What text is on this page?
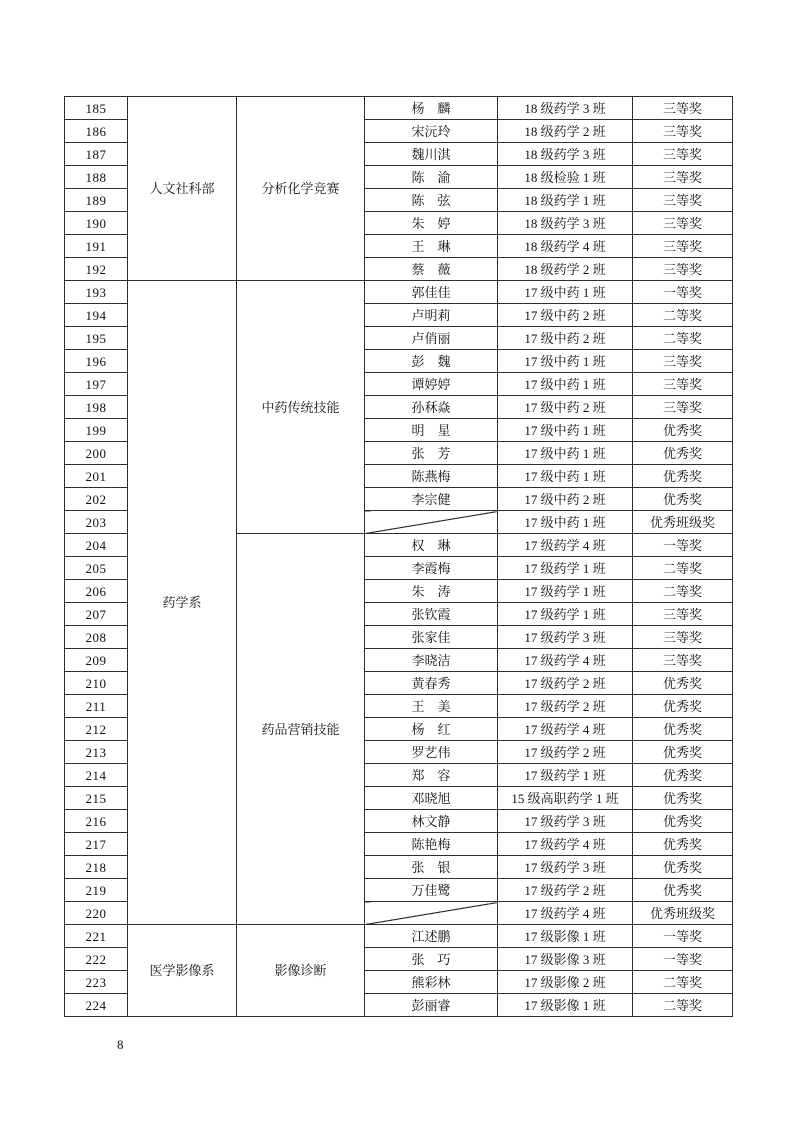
185	人文社科部	分析化学竞赛	杨　麟	18 级药学 3 班	三等奖
186			宋沅玲	18 级药学 2 班	三等奖
187			魏川淇	18 级药学 3 班	三等奖
188			陈　渝	18 级检验 1 班	三等奖
189			陈　弦	18 级药学 1 班	三等奖
190			朱　婷	18 级药学 3 班	三等奖
191			王　琳	18 级药学 4 班	三等奖
192			蔡　薇	18 级药学 2 班	三等奖
193	药学系	中药传统技能	郭佳佳	17 级中药 1 班	一等奖
194			卢明莉	17 级中药 2 班	二等奖
195			卢俏丽	17 级中药 2 班	二等奖
196			彭　魏	17 级中药 1 班	三等奖
197			谭婷婷	17 级中药 1 班	三等奖
198			孙秝焱	17 级中药 2 班	三等奖
199			明　星	17 级中药 1 班	优秀奖
200			张　芳	17 级中药 1 班	优秀奖
201			陈燕梅	17 级中药 1 班	优秀奖
202			李宗健	17 级中药 2 班	优秀奖
203				17 级中药 1 班	优秀班级奖
204		药品营销技能	权　琳	17 级药学 4 班	一等奖
205			李霞梅	17 级药学 1 班	二等奖
206			朱　涛	17 级药学 1 班	二等奖
207			张钦霞	17 级药学 1 班	三等奖
208			张家佳	17 级药学 3 班	三等奖
209			李晓洁	17 级药学 4 班	三等奖
210			黄春秀	17 级药学 2 班	优秀奖
211			王　美	17 级药学 2 班	优秀奖
212			杨　红	17 级药学 4 班	优秀奖
213			罗艺伟	17 级药学 2 班	优秀奖
214			郑　容	17 级药学 1 班	优秀奖
215			邓晓旭	15 级高职药学 1 班	优秀奖
216			林文静	17 级药学 3 班	优秀奖
217			陈艳梅	17 级药学 4 班	优秀奖
218			张　银	17 级药学 3 班	优秀奖
219			万佳鹭	17 级药学 2 班	优秀奖
220				17 级药学 4 班	优秀班级奖
221	医学影像系	影像诊断	江述鹏	17 级影像 1 班	一等奖
222			张　巧	17 级影像 3 班	一等奖
223			熊彩林	17 级影像 2 班	二等奖
224			彭丽睿	17 级影像 1 班	二等奖
8
